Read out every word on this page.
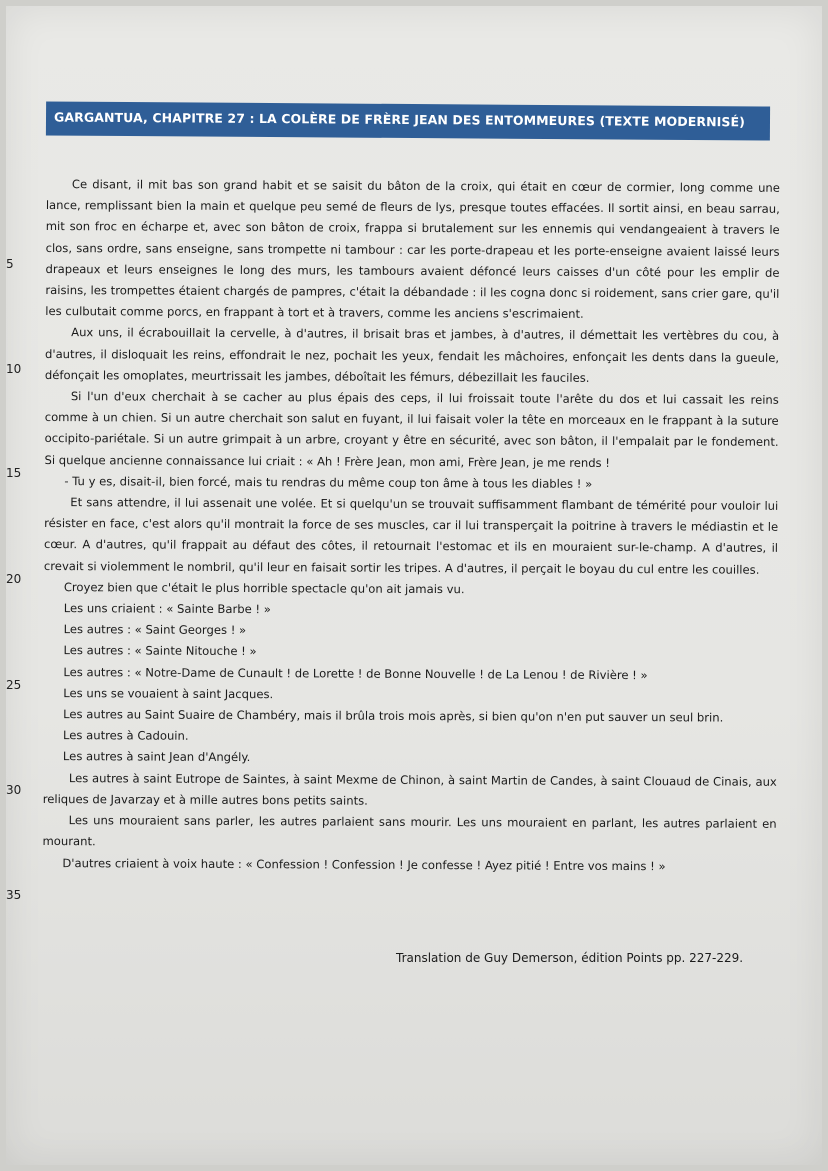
GARGANTUA, CHAPITRE 27 : LA COLÈRE DE FRÈRE JEAN DES ENTOMMEURES (TEXTE MODERNISÉ)
5
10
15
20
25
30
35

Ce disant, il mit bas son grand habit et se saisit du bâton de la croix, qui était en cœur de cormier, long comme une lance, remplissant bien la main et quelque peu semé de fleurs de lys, presque toutes effacées. Il sortit ainsi, en beau sarrau, mit son froc en écharpe et, avec son bâton de croix, frappa si brutalement sur les ennemis qui vendangeaient à travers le clos, sans ordre, sans enseigne, sans trompette ni tambour : car les porte-drapeau et les porte-enseigne avaient laissé leurs drapeaux et leurs enseignes le long des murs, les tambours avaient défoncé leurs caisses d'un côté pour les emplir de raisins, les trompettes étaient chargés de pampres, c'était la débandade : il les cogna donc si roidement, sans crier gare, qu'il les culbutait comme porcs, en frappant à tort et à travers, comme les anciens s'escrimaient.

Aux uns, il écrabouillait la cervelle, à d'autres, il brisait bras et jambes, à d'autres, il démettait les vertèbres du cou, à d'autres, il disloquait les reins, effondrait le nez, pochait les yeux, fendait les mâchoires, enfonçait les dents dans la gueule, défonçait les omoplates, meurtrissait les jambes, déboîtait les fémurs, débezillait les fauciles.

Si l'un d'eux cherchait à se cacher au plus épais des ceps, il lui froissait toute l'arête du dos et lui cassait les reins comme à un chien. Si un autre cherchait son salut en fuyant, il lui faisait voler la tête en morceaux en le frappant à la suture occipito-pariétale. Si un autre grimpait à un arbre, croyant y être en sécurité, avec son bâton, il l'empalait par le fondement. Si quelque ancienne connaissance lui criait : « Ah ! Frère Jean, mon ami, Frère Jean, je me rends !

- Tu y es, disait-il, bien forcé, mais tu rendras du même coup ton âme à tous les diables ! »

Et sans attendre, il lui assenait une volée. Et si quelqu'un se trouvait suffisamment flambant de témérité pour vouloir lui résister en face, c'est alors qu'il montrait la force de ses muscles, car il lui transperçait la poitrine à travers le médiastin et le cœur. A d'autres, qu'il frappait au défaut des côtes, il retournait l'estomac et ils en mouraient sur-le-champ. A d'autres, il crevait si violemment le nombril, qu'il leur en faisait sortir les tripes. A d'autres, il perçait le boyau du cul entre les couilles.

Croyez bien que c'était le plus horrible spectacle qu'on ait jamais vu.

Les uns criaient : « Sainte Barbe ! »

Les autres : « Saint Georges ! »

Les autres : « Sainte Nitouche ! »

Les autres : « Notre-Dame de Cunault ! de Lorette ! de Bonne Nouvelle ! de La Lenou ! de Rivière ! »

Les uns se vouaient à saint Jacques.

Les autres au Saint Suaire de Chambéry, mais il brûla trois mois après, si bien qu'on n'en put sauver un seul brin.

Les autres à Cadouin.

Les autres à saint Jean d'Angély.

Les autres à saint Eutrope de Saintes, à saint Mexme de Chinon, à saint Martin de Candes, à saint Clouaud de Cinais, aux reliques de Javarzay et à mille autres bons petits saints.

Les uns mouraient sans parler, les autres parlaient sans mourir. Les uns mouraient en parlant, les autres parlaient en mourant.

D'autres criaient à voix haute : « Confession ! Confession ! Je confesse ! Ayez pitié ! Entre vos mains ! »

Translation de Guy Demerson, édition Points pp. 227-229.
